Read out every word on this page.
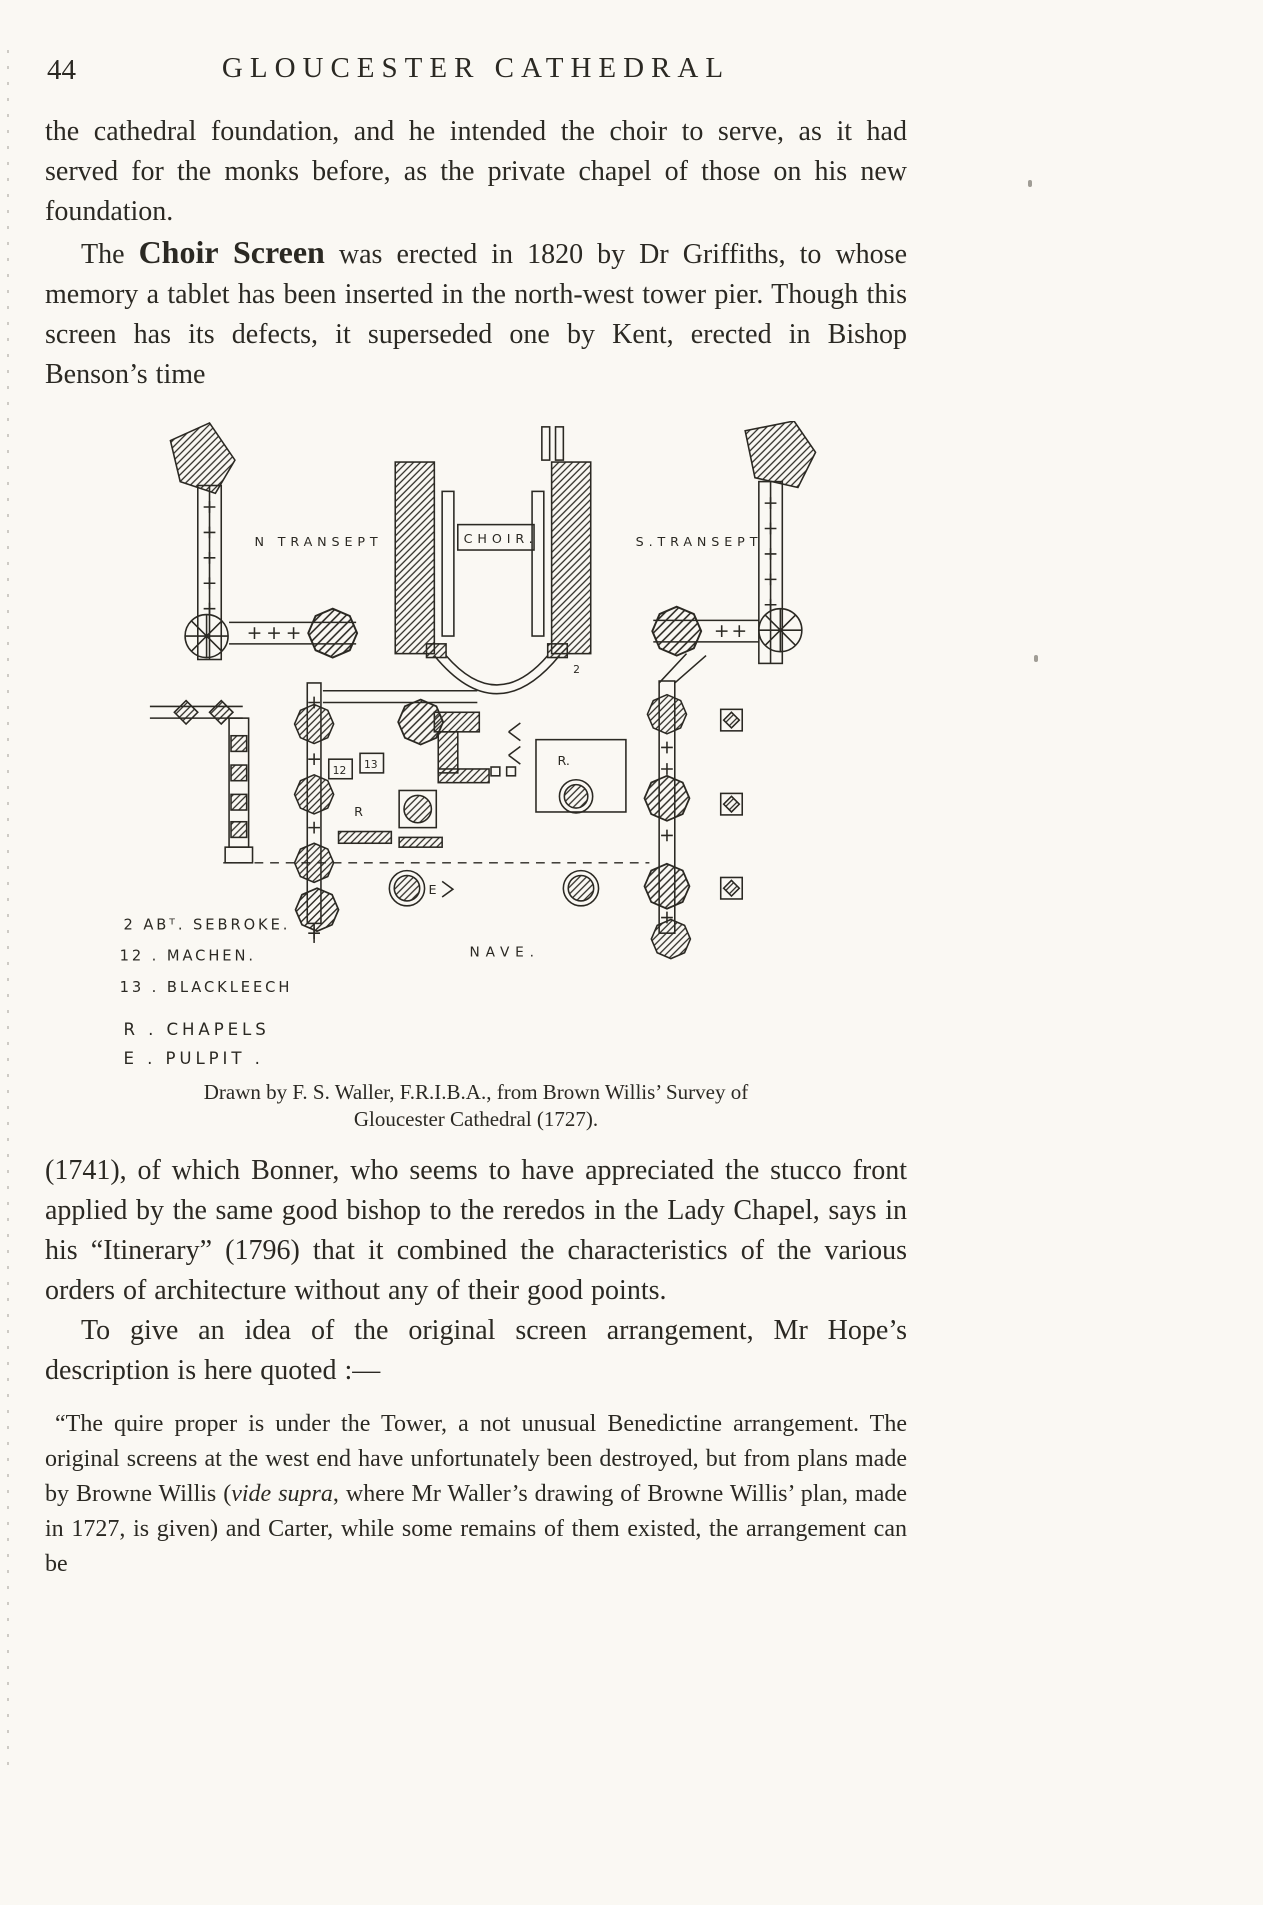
44	GLOUCESTER CATHEDRAL

the cathedral foundation, and he intended the choir to serve, as it had served for the monks before, as the private chapel of those on his new foundation.

The Choir Screen was erected in 1820 by Dr Griffiths, to whose memory a tablet has been inserted in the north-west tower pier. Though this screen has its defects, it superseded one by Kent, erected in Bishop Benson’s time

2
N TRANSEPT	CHOIR.	S.TRANSEPT
NAVE.
12 13
R
R.
E
2 ABᵀ. SEBROKE.
12 . MACHEN.
13 . BLACKLEECH
R . CHAPELS
E . PULPIT .
Drawn by F. S. Waller, F.R.I.B.A., from Brown Willis’ Survey of
Gloucester Cathedral (1727).

(1741), of which Bonner, who seems to have appreciated the stucco front applied by the same good bishop to the reredos in the Lady Chapel, says in his “Itinerary” (1796) that it combined the characteristics of the various orders of architecture without any of their good points.

To give an idea of the original screen arrangement, Mr Hope’s description is here quoted :—

“The quire proper is under the Tower, a not unusual Benedictine arrangement. The original screens at the west end have unfortunately been destroyed, but from plans made by Browne Willis (vide supra, where Mr Waller’s drawing of Browne Willis’ plan, made in 1727, is given) and Carter, while some remains of them existed, the arrangement can be
